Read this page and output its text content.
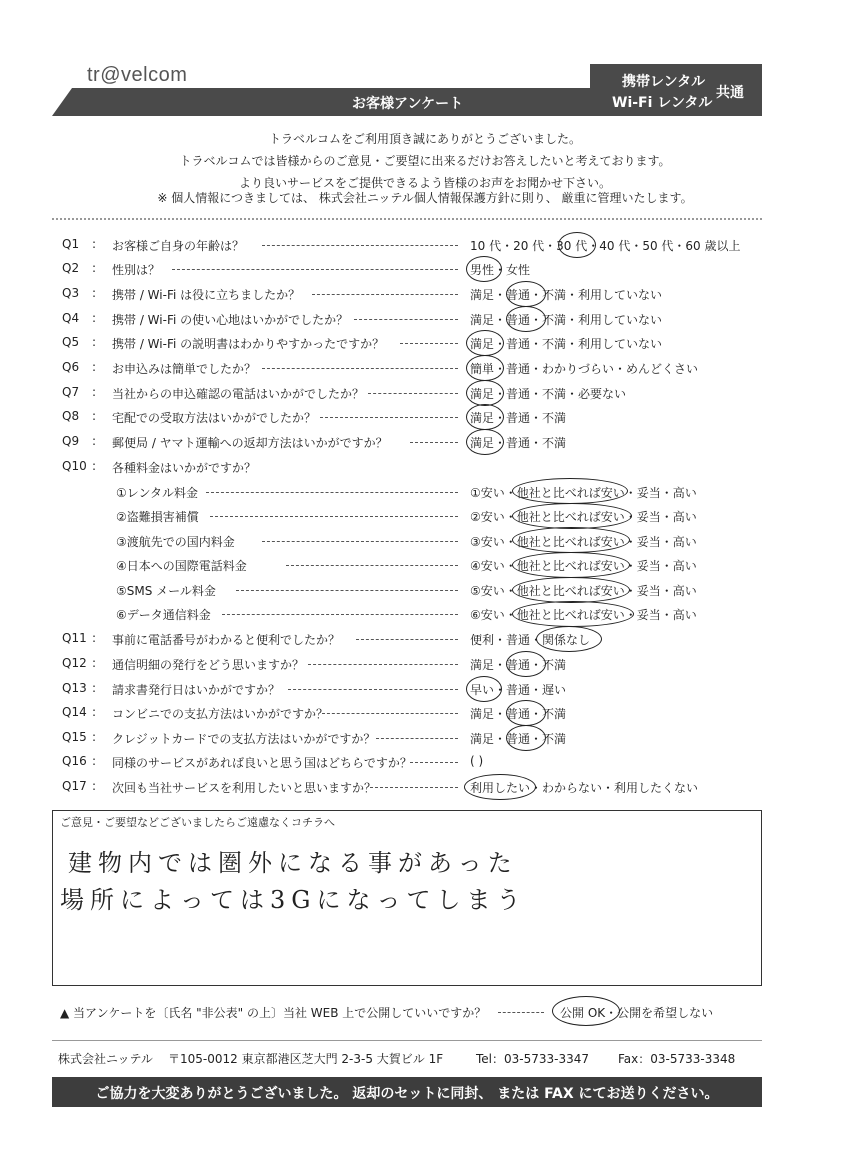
tr@velcom
お客様アンケート
携帯レンタル
Wi-Fi レンタル
共通
トラベルコムをご利用頂き誠にありがとうございました。
トラベルコムでは皆様からのご意見・ご要望に出来るだけお答えしたいと考えております。
より良いサービスをご提供できるよう皆様のお声をお聞かせ下さい。
※ 個人情報につきましては、 株式会社ニッテル個人情報保護方針に則り、 厳重に管理いたします。
Q1 : お客様ご自身の年齢は？	10 代・20 代・30 代・40 代・50 代・60 歳以上
Q2 : 性別は？	男性・女性
Q3 : 携帯 / Wi-Fi は役に立ちましたか？	満足・普通・不満・利用していない
Q4 : 携帯 / Wi-Fi の使い心地はいかがでしたか？	満足・普通・不満・利用していない
Q5 : 携帯 / Wi-Fi の説明書はわかりやすかったですか？	満足・普通・不満・利用していない
Q6 : お申込みは簡単でしたか？	簡単・普通・わかりづらい・めんどくさい
Q7 : 当社からの申込確認の電話はいかがでしたか？	満足・普通・不満・必要ない
Q8 : 宅配での受取方法はいかがでしたか？	満足・普通・不満
Q9 : 郵便局 / ヤマト運輸への返却方法はいかがですか？	満足・普通・不満
Q10 : 各種料金はいかがですか？
①レンタル料金	①安い・他社と比べれば安い・妥当・高い
②盗難損害補償	②安い・他社と比べれば安い・妥当・高い
③渡航先での国内料金	③安い・他社と比べれば安い・妥当・高い
④日本への国際電話料金	④安い・他社と比べれば安い・妥当・高い
⑤SMS メール料金	⑤安い・他社と比べれば安い・妥当・高い
⑥データ通信料金	⑥安い・他社と比べれば安い・妥当・高い
Q11 : 事前に電話番号がわかると便利でしたか？	便利・普通・関係なし
Q12 : 通信明細の発行をどう思いますか？	満足・普通・不満
Q13 : 請求書発行日はいかがですか？	早い・普通・遅い
Q14 : コンビニでの支払方法はいかがですか？	満足・普通・不満
Q15 : クレジットカードでの支払方法はいかがですか？	満足・普通・不満
Q16 : 同様のサービスがあれば良いと思う国はどちらですか？	( )
Q17 : 次回も当社サービスを利用したいと思いますか？	利用したい・わからない・利用したくない
ご意見・ご要望などございましたらご遠慮なくコチラへ
建物内では圏外になる事があった
場所によっては3Gになってしまう
▲ 当アンケートを〔氏名 "非公表" の上〕当社 WEB 上で公開していいですか？	公開 OK・公開を希望しない
株式会社ニッテル 〒105-0012 東京都港区芝大門 2-3-5 大賀ビル 1F	Tel：03-5733-3347 Fax：03-5733-3348
ご協力を大変ありがとうございました。 返却のセットに同封、 または FAX にてお送りください。
